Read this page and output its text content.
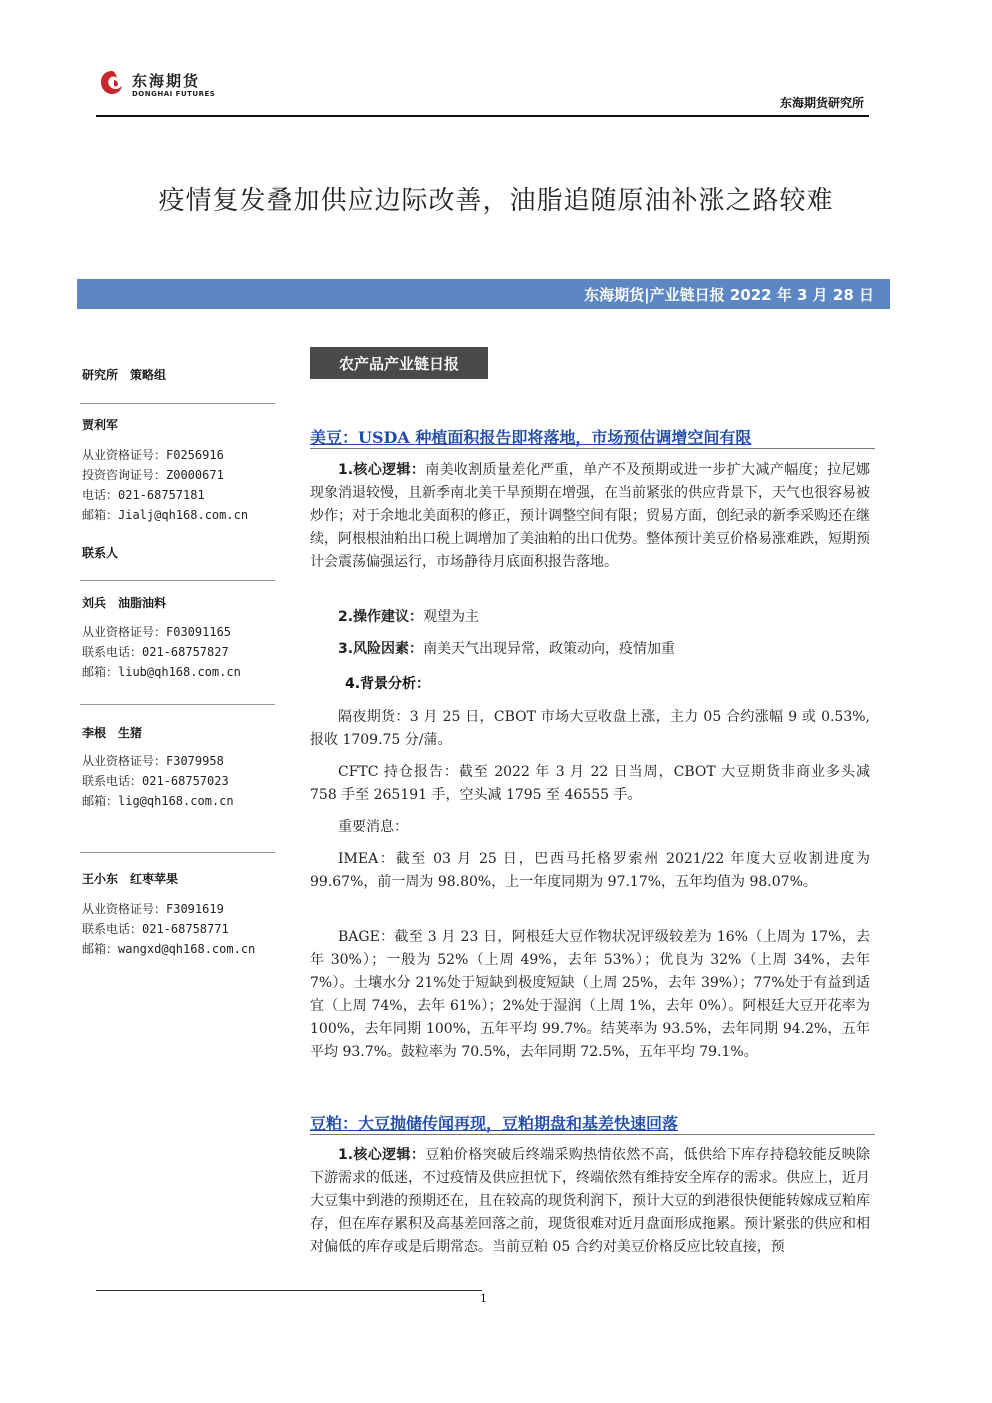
东海期货
DONGHAI FUTURES
东海期货研究所
疫情复发叠加供应边际改善，油脂追随原油补涨之路较难
东海期货|产业链日报 2022 年 3 月 28 日
研究所　策略组
贾利军
从业资格证号：F0256916
投资咨询证号：Z0000671
电话：021-68757181
邮箱：Jialj@qh168.com.cn
联系人
刘兵　油脂油料
从业资格证号：F03091165
联系电话：021-68757827
邮箱：liub@qh168.com.cn
李根　生猪
从业资格证号：F3079958
联系电话：021-68757023
邮箱：lig@qh168.com.cn
王小东　红枣苹果
从业资格证号：F3091619
联系电话：021-68758771
邮箱：wangxd@qh168.com.cn
农产品产业链日报
美豆：USDA 种植面积报告即将落地，市场预估调增空间有限

1.核心逻辑：南美收割质量差化严重，单产不及预期或进一步扩大减产幅度；拉尼娜现象消退较慢，且新季南北美干旱预期在增强，在当前紧张的供应背景下，天气也很容易被炒作；对于余地北美面积的修正，预计调整空间有限；贸易方面，创纪录的新季采购还在继续，阿根根油粕出口税上调增加了美油粕的出口优势。整体预计美豆价格易涨难跌，短期预计会震荡偏强运行，市场静待月底面积报告落地。

2.操作建议：观望为主

3.风险因素：南美天气出现异常，政策动向，疫情加重

4.背景分析：

隔夜期货：3 月 25 日，CBOT 市场大豆收盘上涨，主力 05 合约涨幅 9 或 0.53%,报收 1709.75 分/蒲。

CFTC 持仓报告：截至 2022 年 3 月 22 日当周，CBOT 大豆期货非商业多头减 758 手至 265191 手，空头减 1795 至 46555 手。

重要消息：

IMEA：截至 03 月 25 日，巴西马托格罗索州 2021/22 年度大豆收割进度为 99.67%，前一周为 98.80%，上一年度同期为 97.17%，五年均值为 98.07%。

BAGE：截至 3 月 23 日，阿根廷大豆作物状况评级较差为 16%（上周为 17%，去年 30%）；一般为 52%（上周 49%，去年 53%）；优良为 32%（上周 34%，去年 7%）。土壤水分 21%处于短缺到极度短缺（上周 25%，去年 39%）；77%处于有益到适宜（上周 74%，去年 61%）；2%处于湿润（上周 1%，去年 0%）。阿根廷大豆开花率为 100%，去年同期 100%，五年平均 99.7%。结荚率为 93.5%，去年同期 94.2%，五年平均 93.7%。鼓粒率为 70.5%，去年同期 72.5%，五年平均 79.1%。

豆粕：大豆抛储传闻再现，豆粕期盘和基差快速回落

1.核心逻辑：豆粕价格突破后终端采购热情依然不高，低供给下库存持稳较能反映除下游需求的低迷，不过疫情及供应担忧下，终端依然有维持安全库存的需求。供应上，近月大豆集中到港的预期还在，且在较高的现货利润下，预计大豆的到港很快便能转嫁成豆粕库存，但在库存累积及高基差回落之前，现货很难对近月盘面形成拖累。预计紧张的供应和相对偏低的库存或是后期常态。当前豆粕 05 合约对美豆价格反应比较直接，预

1
